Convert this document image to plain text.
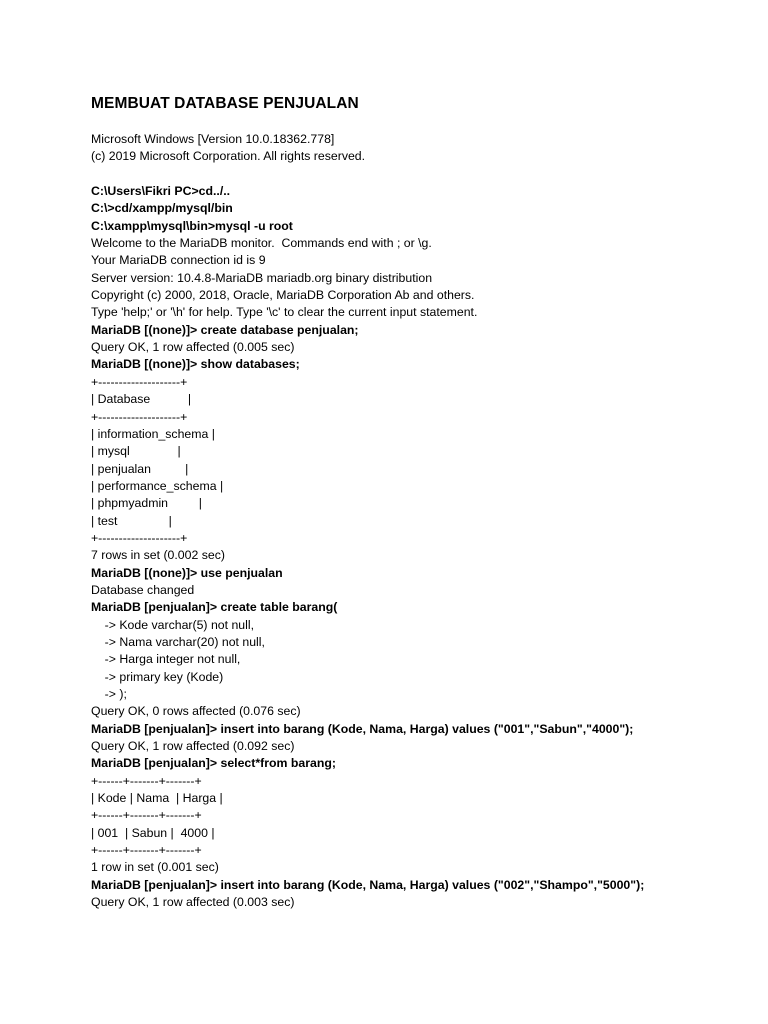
MEMBUAT DATABASE PENJUALAN
Microsoft Windows [Version 10.0.18362.778]
(c) 2019 Microsoft Corporation. All rights reserved.
C:\Users\Fikri PC>cd../..
C:\>cd/xampp/mysql/bin
C:\xampp\mysql\bin>mysql -u root
Welcome to the MariaDB monitor.  Commands end with ; or \g.
Your MariaDB connection id is 9
Server version: 10.4.8-MariaDB mariadb.org binary distribution
Copyright (c) 2000, 2018, Oracle, MariaDB Corporation Ab and others.
Type 'help;' or '\h' for help. Type '\c' to clear the current input statement.
MariaDB [(none)]> create database penjualan;
Query OK, 1 row affected (0.005 sec)
MariaDB [(none)]> show databases;
+--------------------+
| Database           |
+--------------------+
| information_schema |
| mysql              |
| penjualan          |
| performance_schema |
| phpmyadmin         |
| test               |
+--------------------+
7 rows in set (0.002 sec)
MariaDB [(none)]> use penjualan
Database changed
MariaDB [penjualan]> create table barang(
-> Kode varchar(5) not null,
-> Nama varchar(20) not null,
-> Harga integer not null,
-> primary key (Kode)
-> );
Query OK, 0 rows affected (0.076 sec)
MariaDB [penjualan]> insert into barang (Kode, Nama, Harga) values ("001","Sabun","4000");
Query OK, 1 row affected (0.092 sec)
MariaDB [penjualan]> select*from barang;
+------+-------+-------+
| Kode | Nama  | Harga |
+------+-------+-------+
| 001  | Sabun |  4000 |
+------+-------+-------+
1 row in set (0.001 sec)
MariaDB [penjualan]> insert into barang (Kode, Nama, Harga) values ("002","Shampo","5000");
Query OK, 1 row affected (0.003 sec)
